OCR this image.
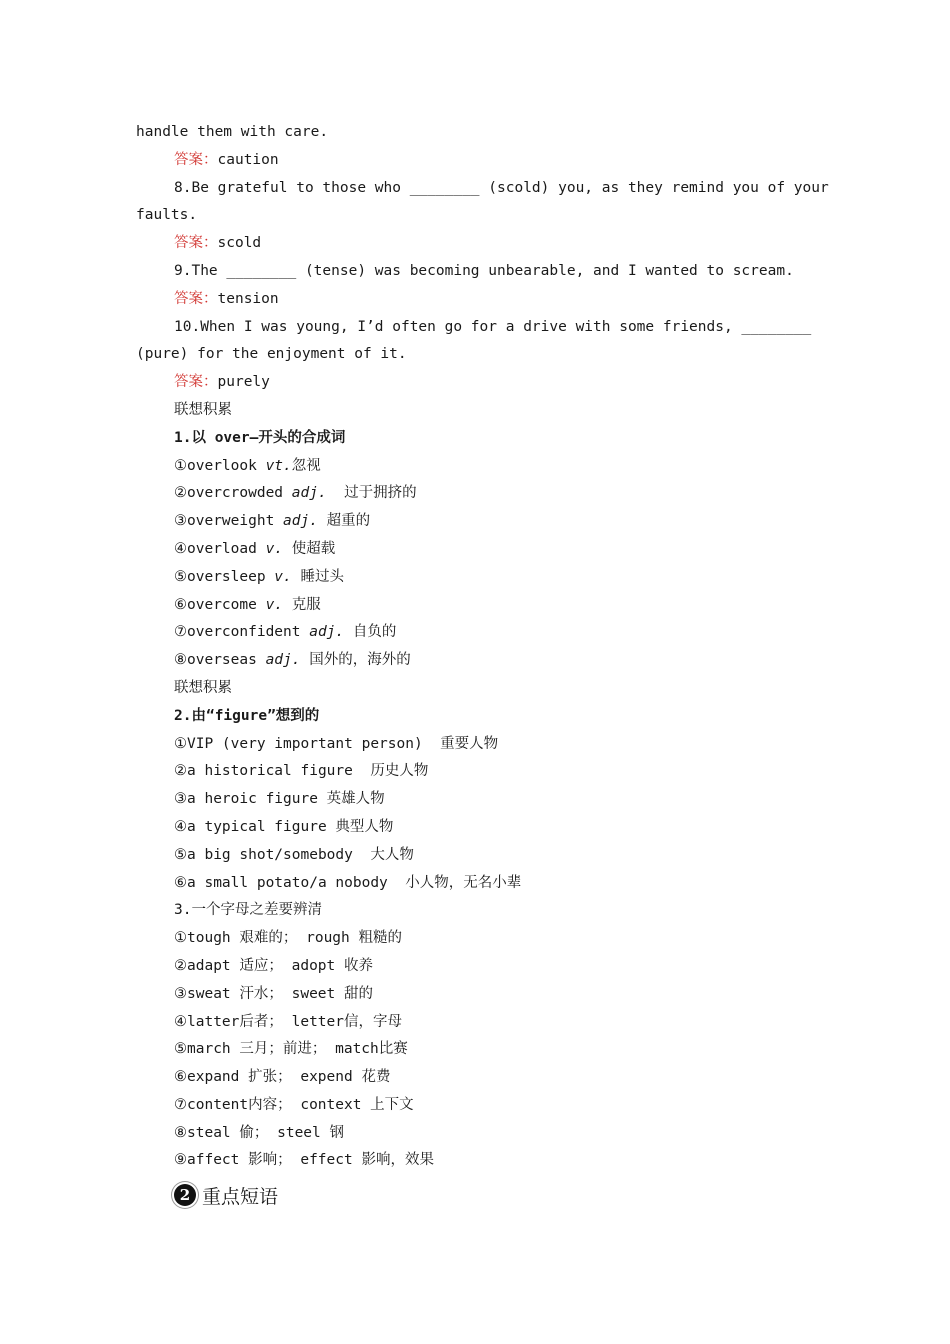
handle them with care.
答案：caution
8.Be grateful to those who ________ (scold) you, as they remind you of your
faults.
答案：scold
9.The ________ (tense) was becoming unbearable, and I wanted to scream.
答案：tension
10.When I was young, I’d often go for a drive with some friends, ________
(pure) for the enjoyment of it.
答案：purely
联想积累
1.以 over—开头的合成词
①overlook vt.忽视
②overcrowded adj.  过于拥挤的
③overweight adj. 超重的
④overload v. 使超载
⑤oversleep v. 睡过头
⑥overcome v. 克服
⑦overconfident adj. 自负的
⑧overseas adj. 国外的，海外的
联想积累
2.由“figure”想到的
①VIP (very important person)  重要人物
②a historical figure  历史人物
③a heroic figure 英雄人物
④a typical figure 典型人物
⑤a big shot/somebody  大人物
⑥a small potato/a nobody  小人物，无名小辈
3.一个字母之差要辨清
①tough 艰难的； rough 粗糙的
②adapt 适应； adopt 收养
③sweat 汗水； sweet 甜的
④latter后者； letter信，字母
⑤march 三月；前进； match比赛
⑥expand 扩张； expend 花费
⑦content内容； context 上下文
⑧steal 偷； steel 钢
⑨affect 影响； effect 影响，效果
2 重点短语
